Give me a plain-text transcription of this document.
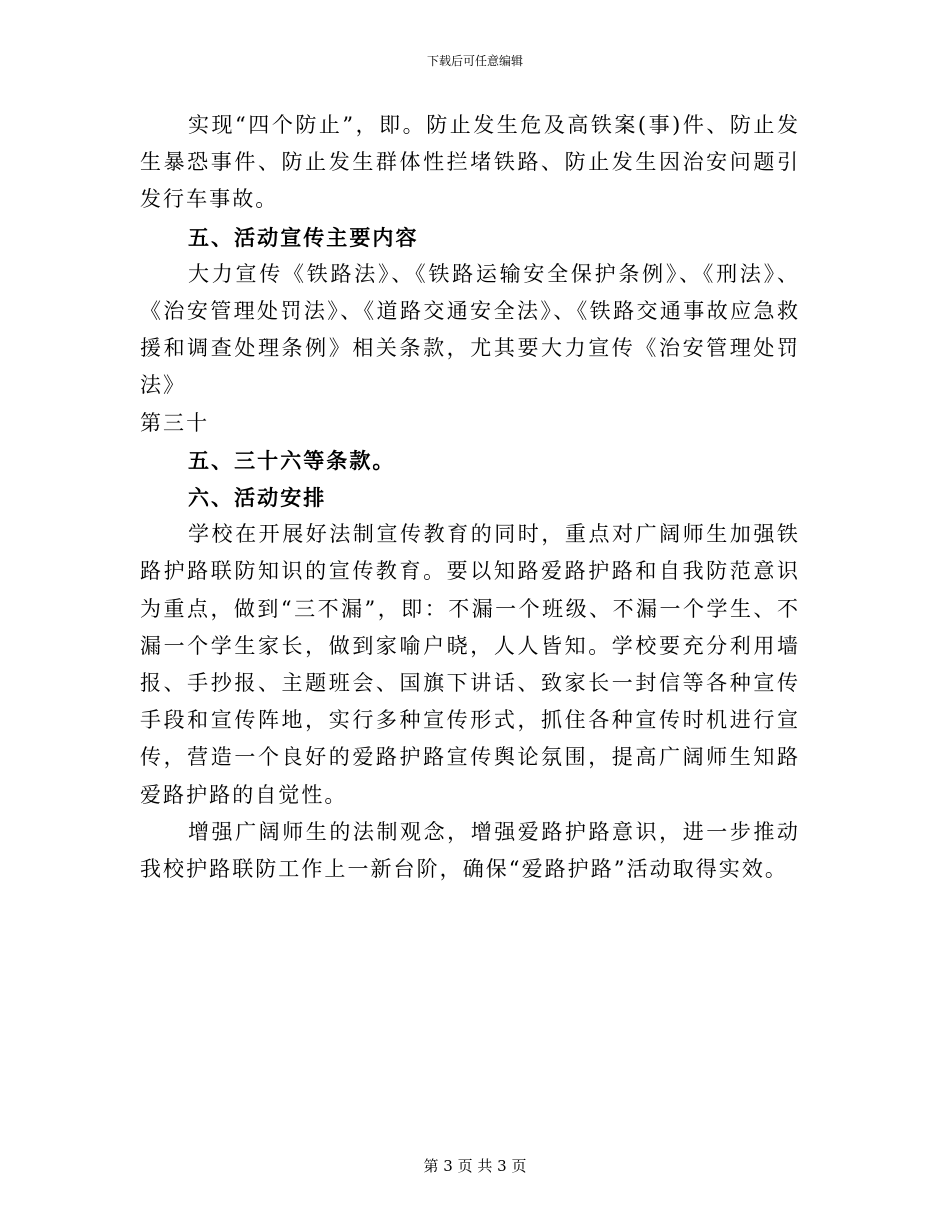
下载后可任意编辑

实现“四个防止”，即。防止发生危及高铁案(事)件、防止发生暴恐事件、防止发生群体性拦堵铁路、防止发生因治安问题引发行车事故。

五、活动宣传主要内容

大力宣传《铁路法》、《铁路运输安全保护条例》、《刑法》、《治安管理处罚法》、《道路交通安全法》、《铁路交通事故应急救援和调查处理条例》相关条款，尤其要大力宣传《治安管理处罚法》

第三十

五、三十六等条款。

六、活动安排

学校在开展好法制宣传教育的同时，重点对广阔师生加强铁路护路联防知识的宣传教育。要以知路爱路护路和自我防范意识为重点，做到“三不漏”，即：不漏一个班级、不漏一个学生、不漏一个学生家长，做到家喻户晓，人人皆知。学校要充分利用墙报、手抄报、主题班会、国旗下讲话、致家长一封信等各种宣传手段和宣传阵地，实行多种宣传形式，抓住各种宣传时机进行宣传，营造一个良好的爱路护路宣传舆论氛围，提高广阔师生知路爱路护路的自觉性。

增强广阔师生的法制观念，增强爱路护路意识，进一步推动我校护路联防工作上一新台阶，确保“爱路护路”活动取得实效。

第 3 页 共 3 页
